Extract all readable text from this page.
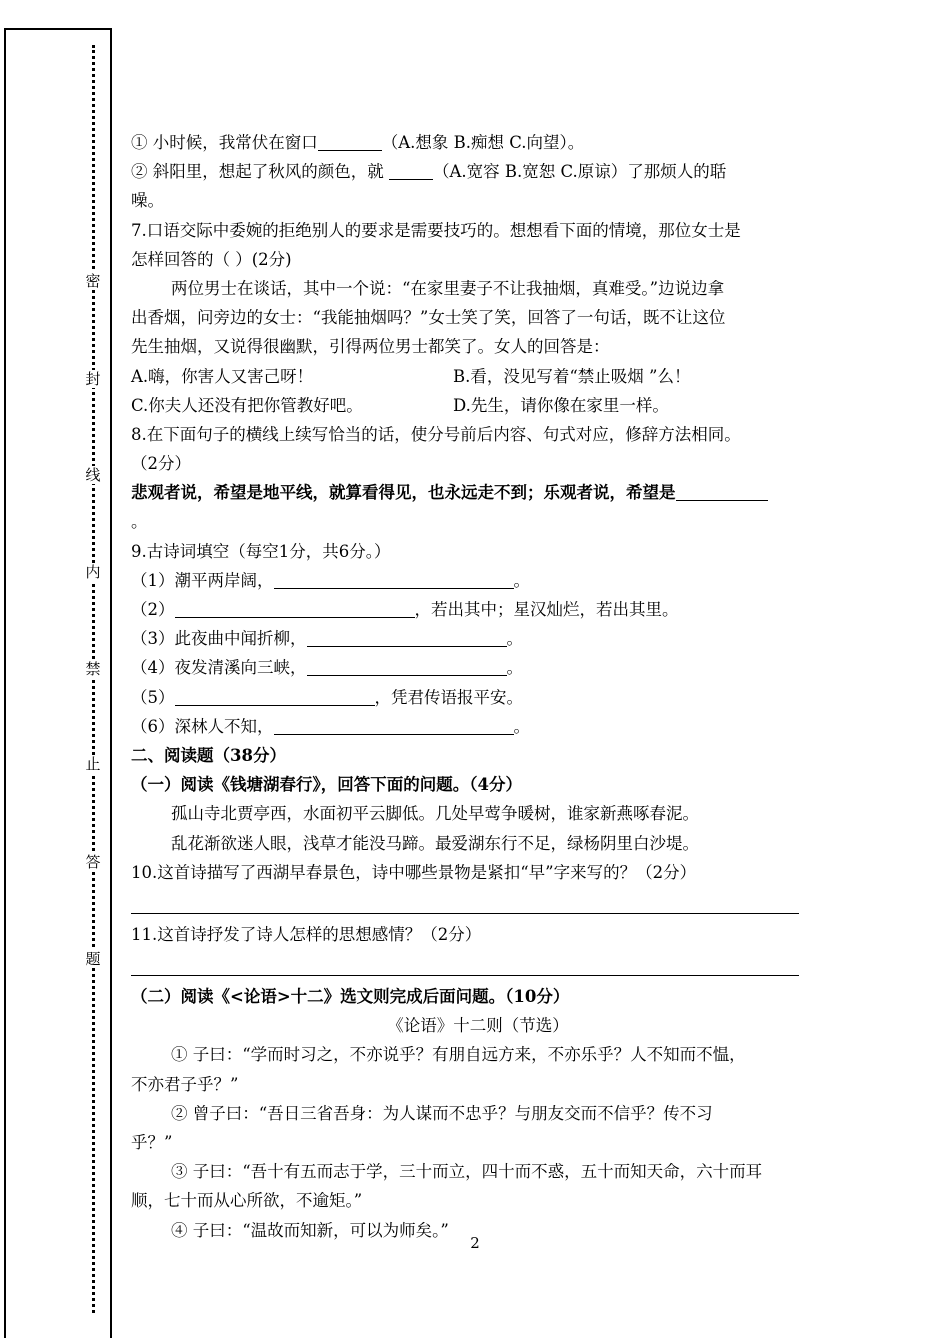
密
封
线
内
禁
止
答
题
① 小时候，我常伏在窗口	（A.想象 B.痴想 C.向望）。
② 斜阳里，想起了秋风的颜色，就	（A.宽容 B.宽恕 C.原谅）了那烦人的聒
噪。
7.口语交际中委婉的拒绝别人的要求是需要技巧的。想想看下面的情境，那位女士是
怎样回答的（ ）(2分)
两位男士在谈话，其中一个说：“在家里妻子不让我抽烟，真难受。”边说边拿
出香烟，问旁边的女士：“我能抽烟吗？”女士笑了笑，回答了一句话，既不让这位
先生抽烟，又说得很幽默，引得两位男士都笑了。女人的回答是：
A.嗨，你害人又害己呀！	B.看，没见写着“禁止吸烟 ”么！
C.你夫人还没有把你管教好吧。	D.先生，请你像在家里一样。
8.在下面句子的横线上续写恰当的话，使分号前后内容、句式对应，修辞方法相同。
（2分）
悲观者说，希望是地平线，就算看得见，也永远走不到；乐观者说，希望是
。
9.古诗词填空（每空1分，共6分。）
（1）潮平两岸阔，	。
（2）	，若出其中；星汉灿烂，若出其里。
（3）此夜曲中闻折柳，	。
（4）夜发清溪向三峡，	。
（5）	，凭君传语报平安。
（6）深林人不知，	。
二、阅读题（38分）
（一）阅读《钱塘湖春行》，回答下面的问题。（4分）
孤山寺北贾亭西，水面初平云脚低。几处早莺争暖树，谁家新燕啄春泥。
乱花渐欲迷人眼，浅草才能没马蹄。最爱湖东行不足，绿杨阴里白沙堤。
10.这首诗描写了西湖早春景色，诗中哪些景物是紧扣“早”字来写的？（2分）
11.这首诗抒发了诗人怎样的思想感情？（2分）
（二）阅读《<论语>十二》选文则完成后面问题。（10分）
《论语》十二则（节选）
① 子曰：“学而时习之，不亦说乎？有朋自远方来，不亦乐乎？人不知而不愠，
不亦君子乎？”
② 曾子曰：“吾日三省吾身：为人谋而不忠乎？与朋友交而不信乎？传不习
乎？”
③ 子曰：“吾十有五而志于学，三十而立，四十而不惑，五十而知天命，六十而耳
顺，七十而从心所欲，不逾矩。”
④ 子曰：“温故而知新，可以为师矣。”
2
